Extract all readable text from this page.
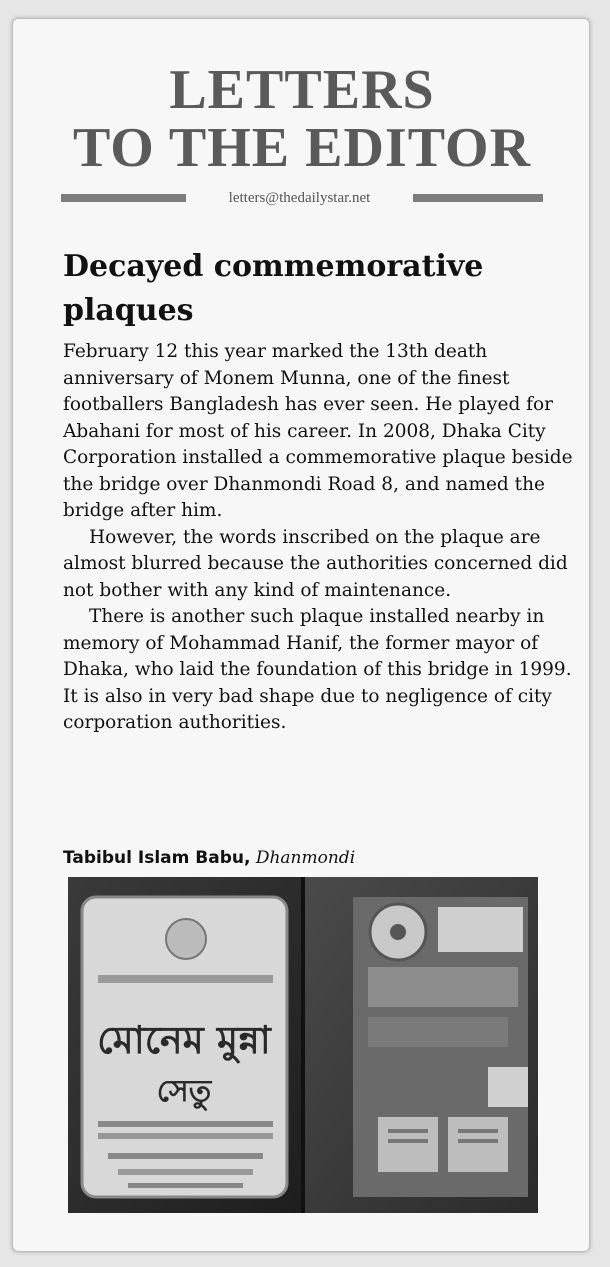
LETTERS
TO THE EDITOR
letters@thedailystar.net
Decayed commemorative plaques

February 12 this year marked the 13th death anniversary of Monem Munna, one of the finest footballers Bangladesh has ever seen. He played for Abahani for most of his career. In 2008, Dhaka City Corporation installed a commemorative plaque beside the bridge over Dhanmondi Road 8, and named the bridge after him.

However, the words inscribed on the plaque are almost blurred because the authorities concerned did not bother with any kind of maintenance.

There is another such plaque installed nearby in memory of Mohammad Hanif, the former mayor of Dhaka, who laid the foundation of this bridge in 1999. It is also in very bad shape due to negligence of city corporation authorities.

Tabibul Islam Babu, Dhanmondi
মোনেম মুন্না
সেতু
